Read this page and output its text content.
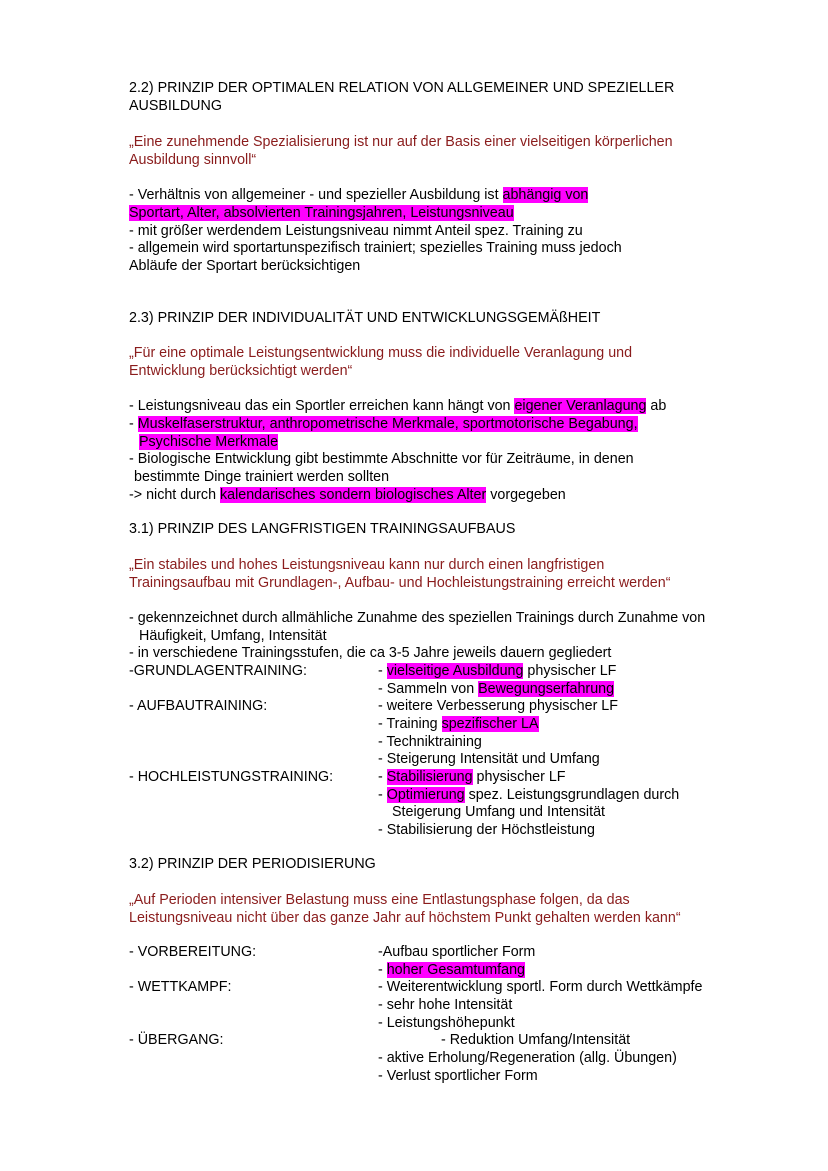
2.2) PRINZIP DER OPTIMALEN RELATION VON ALLGEMEINER UND SPEZIELLER
AUSBILDUNG
„Eine zunehmende Spezialisierung ist nur auf der Basis einer vielseitigen körperlichen
Ausbildung sinnvoll“
- Verhältnis von allgemeiner - und spezieller Ausbildung ist abhängig von
Sportart, Alter, absolvierten Trainingsjahren, Leistungsniveau
- mit größer werdendem Leistungsniveau nimmt Anteil spez. Training zu
- allgemein wird sportartunspezifisch trainiert; spezielles Training muss jedoch
Abläufe der Sportart berücksichtigen
2.3) PRINZIP DER INDIVIDUALITÄT UND ENTWICKLUNGSGEMÄßHEIT
„Für eine optimale Leistungsentwicklung muss die individuelle Veranlagung und
Entwicklung berücksichtigt werden“
- Leistungsniveau das ein Sportler erreichen kann hängt von eigener Veranlagung ab
- Muskelfaserstruktur, anthropometrische Merkmale, sportmotorische Begabung,
Psychische Merkmale
- Biologische Entwicklung gibt bestimmte Abschnitte vor für Zeiträume, in denen
bestimmte Dinge trainiert werden sollten
-> nicht durch kalendarisches sondern biologisches Alter vorgegeben
3.1) PRINZIP DES LANGFRISTIGEN TRAININGSAUFBAUS
„Ein stabiles und hohes Leistungsniveau kann nur durch einen langfristigen
Trainingsaufbau mit Grundlagen-, Aufbau- und Hochleistungstraining erreicht werden“
- gekennzeichnet durch allmähliche Zunahme des speziellen Trainings durch Zunahme von
Häufigkeit, Umfang, Intensität
- in verschiedene Trainingsstufen, die ca 3-5 Jahre jeweils dauern gegliedert
-GRUNDLAGENTRAINING:	- vielseitige Ausbildung physischer LF
- Sammeln von Bewegungserfahrung
- AUFBAUTRAINING:	- weitere Verbesserung physischer LF
- Training spezifischer LA
- Techniktraining
- Steigerung Intensität und Umfang
- HOCHLEISTUNGSTRAINING:	- Stabilisierung physischer LF
- Optimierung spez. Leistungsgrundlagen durch
Steigerung Umfang und Intensität
- Stabilisierung der Höchstleistung
3.2) PRINZIP DER PERIODISIERUNG
„Auf Perioden intensiver Belastung muss eine Entlastungsphase folgen, da das
Leistungsniveau nicht über das ganze Jahr auf höchstem Punkt gehalten werden kann“
- VORBEREITUNG:	-Aufbau sportlicher Form
- hoher Gesamtumfang
- WETTKAMPF:	- Weiterentwicklung sportl. Form durch Wettkämpfe
- sehr hohe Intensität
- Leistungshöhepunkt
- ÜBERGANG:	- Reduktion Umfang/Intensität
- aktive Erholung/Regeneration (allg. Übungen)
- Verlust sportlicher Form
